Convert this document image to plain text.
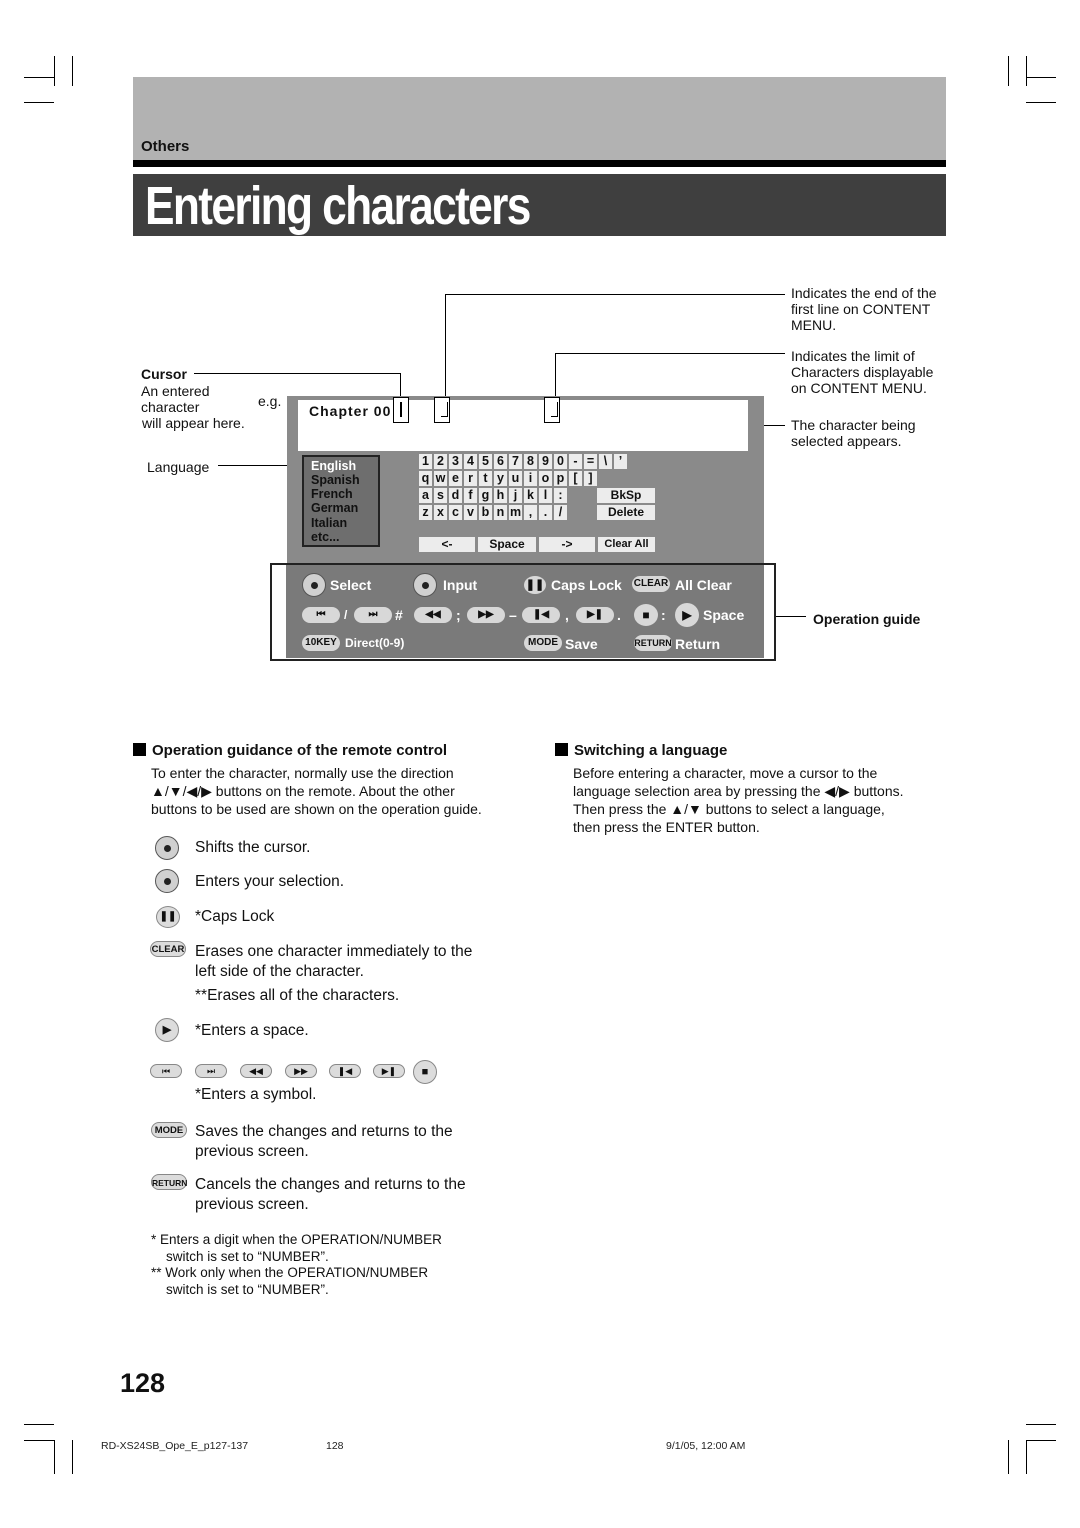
Others
Entering characters
Indicates the end of the
first line on CONTENT
MENU.
Indicates the limit of
Characters displayable
on CONTENT MENU.
The character being
selected appears.
Operation guide
Cursor
An entered
character
will appear here.
e.g.
Language
Chapter 00
English
Spanish
French
German
Italian
etc...
BkSp
Delete
<-	Space	->	Clear All
Select	Input	❚❚ Caps Lock CLEAR All Clear
⏮	/	⏭	#	◀◀	;	▶▶	–	❚◀	,	▶❚ .	■ :	▶ Space
10KEY Direct(0-9)	MODE Save	RETURN Return
Operation guidance of the remote control
To enter the character, normally use the direction
▲/▼/◀/▶ buttons on the remote. About the other
buttons to be used are shown on the operation guide.
Shifts the cursor.
Enters your selection.
❚❚ *Caps Lock
CLEAR Erases one character immediately to the
left side of the character.
**Erases all of the characters.
▶	*Enters a space.
⏮	⏭	◀◀	▶▶	❚◀	▶❚	■
*Enters a symbol.
MODE Saves the changes and returns to the
previous screen.
RETURN Cancels the changes and returns to the
previous screen.
* Enters a digit when the OPERATION/NUMBER
switch is set to “NUMBER”.
** Work only when the OPERATION/NUMBER
switch is set to “NUMBER”.
Switching a language
Before entering a character, move a cursor to the
language selection area by pressing the ◀/▶ buttons.
Then press the ▲/▼ buttons to select a language,
then press the ENTER button.
128
RD-XS24SB_Ope_E_p127-137	128	9/1/05, 12:00 AM
1 2 3 4 5 6 7 8 9 0 - = \ ’
q w e r t y u i o p [ ]
a s d f g h j k l :
z x c v b n m , . /
